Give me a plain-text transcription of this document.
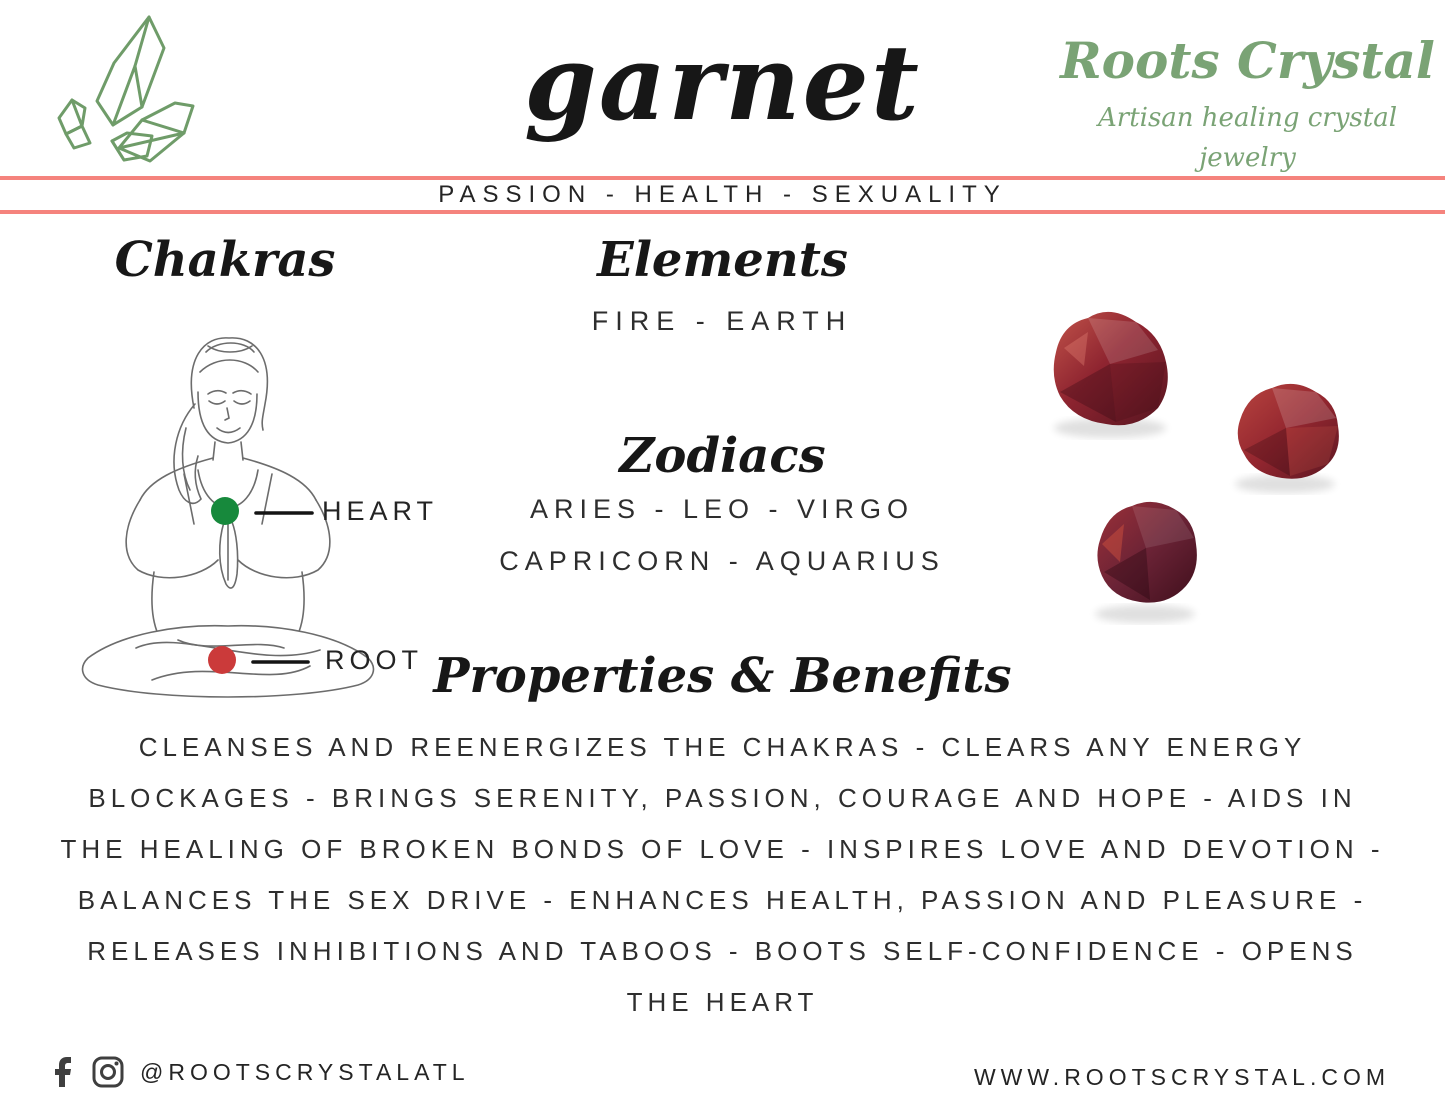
garnet	Roots Crystal
Artisan healing crystal jewelry
PASSION - HEALTH - SEXUALITY
Chakras
HEART
ROOT
Elements
FIRE - EARTH
Zodiacs
ARIES - LEO - VIRGO
CAPRICORN - AQUARIUS
Properties & Benefits
CLEANSES AND REENERGIZES THE CHAKRAS - CLEARS ANY ENERGY BLOCKAGES - BRINGS SERENITY, PASSION, COURAGE AND HOPE - AIDS IN THE HEALING OF BROKEN BONDS OF LOVE - INSPIRES LOVE AND DEVOTION - BALANCES THE SEX DRIVE - ENHANCES HEALTH, PASSION AND PLEASURE - RELEASES INHIBITIONS AND TABOOS - BOOTS SELF-CONFIDENCE - OPENS THE HEART
@ROOTSCRYSTALATL	WWW.ROOTSCRYSTAL.COM
